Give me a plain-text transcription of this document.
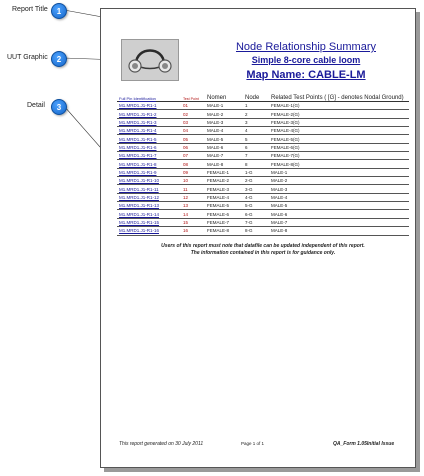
Report Title	1
UUT Graphic	2
Detail	3
Node Relationship Summary
Simple 8-core cable loom
Map Name: CABLE-LM
Full Pin Identification	Test Point	Nomen	Node	Related Test Points ( [G] - denotes Nodal Ground)
M1.MRD1.J1-R1-1	01	MALE-1	1	FEMALE-1(G)
M1.MRD1.J1-R1-2	02	MALE-2	2	FEMALE-2(G)
M1.MRD1.J1-R1-3	03	MALE-3	3	FEMALE-3(G)
M1.MRD1.J1-R1-4	04	MALE-4	4	FEMALE-4(G)
M1.MRD1.J1-R1-5	05	MALE-5	5	FEMALE-5(G)
M1.MRD1.J1-R1-6	06	MALE-6	6	FEMALE-6(G)
M1.MRD1.J1-R1-7	07	MALE-7	7	FEMALE-7(G)
M1.MRD1.J1-R1-8	08	MALE-8	8	FEMALE-8(G)
M1.MRD1.J1-R1-9	09	FEMALE-1	1-G	MALE-1
M1.MRD1.J1-R1-10	10	FEMALE-2	2-G	MALE-2
M1.MRD1.J1-R1-11	11	FEMALE-3	3-G	MALE-3
M1.MRD1.J1-R1-12	12	FEMALE-4	4-G	MALE-4
M1.MRD1.J1-R1-13	13	FEMALE-5	5-G	MALE-5
M1.MRD1.J1-R1-14	14	FEMALE-6	6-G	MALE-6
M1.MRD1.J1-R1-15	15	FEMALE-7	7-G	MALE-7
M1.MRD1.J1-R1-16	16	FEMALE-8	8-G	MALE-8
Users of this report must note that datafile can be updated independent of this report.
The information contained in this report is for guidance only.
This report generated on 30 July 2011	Page 1 of 1	QA_Form 1.05Initial Issue
